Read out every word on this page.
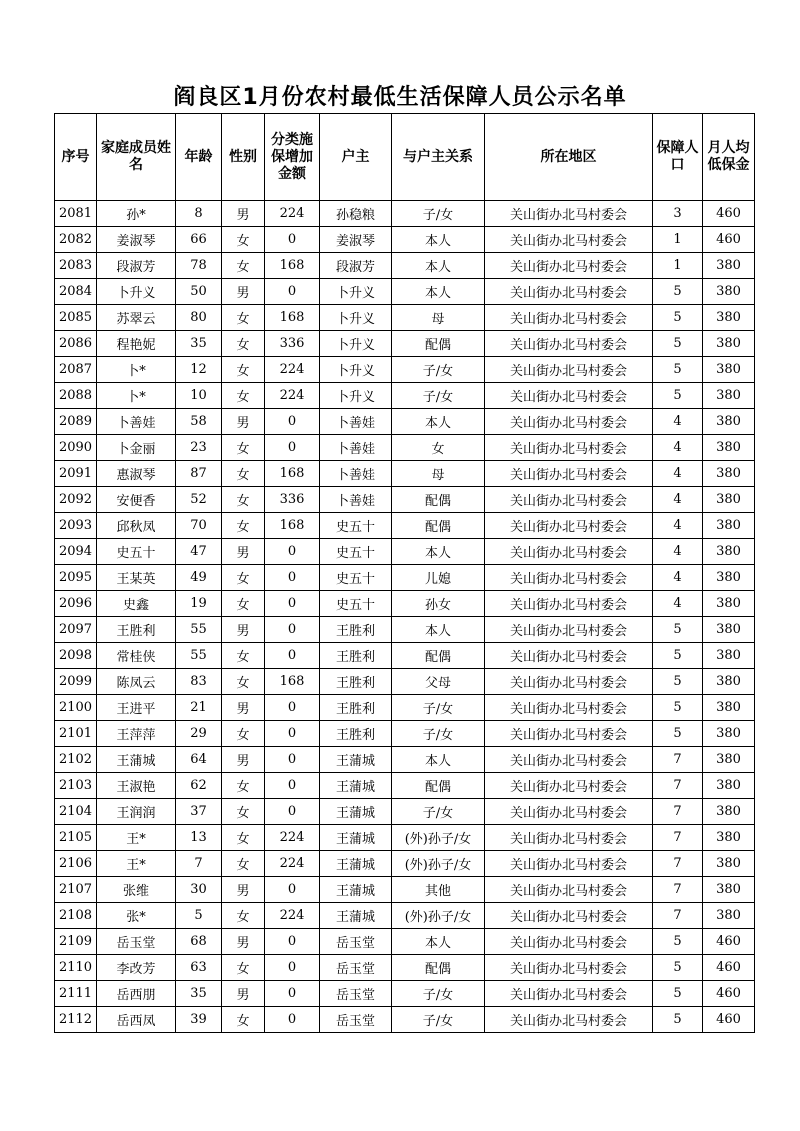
阎良区1月份农村最低生活保障人员公示名单
序号	家庭成员姓名	年龄	性别	分类施保增加金额	户主	与户主关系	所在地区	保障人口	月人均低保金
2081	孙*	8	男	224	孙稳粮	子/女	关山街办北马村委会	3	460
2082	姜淑琴	66	女	0	姜淑琴	本人	关山街办北马村委会	1	460
2083	段淑芳	78	女	168	段淑芳	本人	关山街办北马村委会	1	380
2084	卜升义	50	男	0	卜升义	本人	关山街办北马村委会	5	380
2085	苏翠云	80	女	168	卜升义	母	关山街办北马村委会	5	380
2086	程艳妮	35	女	336	卜升义	配偶	关山街办北马村委会	5	380
2087	卜*	12	女	224	卜升义	子/女	关山街办北马村委会	5	380
2088	卜*	10	女	224	卜升义	子/女	关山街办北马村委会	5	380
2089	卜善娃	58	男	0	卜善娃	本人	关山街办北马村委会	4	380
2090	卜金丽	23	女	0	卜善娃	女	关山街办北马村委会	4	380
2091	惠淑琴	87	女	168	卜善娃	母	关山街办北马村委会	4	380
2092	安便香	52	女	336	卜善娃	配偶	关山街办北马村委会	4	380
2093	邱秋凤	70	女	168	史五十	配偶	关山街办北马村委会	4	380
2094	史五十	47	男	0	史五十	本人	关山街办北马村委会	4	380
2095	王某英	49	女	0	史五十	儿媳	关山街办北马村委会	4	380
2096	史鑫	19	女	0	史五十	孙女	关山街办北马村委会	4	380
2097	王胜利	55	男	0	王胜利	本人	关山街办北马村委会	5	380
2098	常桂侠	55	女	0	王胜利	配偶	关山街办北马村委会	5	380
2099	陈凤云	83	女	168	王胜利	父母	关山街办北马村委会	5	380
2100	王进平	21	男	0	王胜利	子/女	关山街办北马村委会	5	380
2101	王萍萍	29	女	0	王胜利	子/女	关山街办北马村委会	5	380
2102	王蒲城	64	男	0	王蒲城	本人	关山街办北马村委会	7	380
2103	王淑艳	62	女	0	王蒲城	配偶	关山街办北马村委会	7	380
2104	王润润	37	女	0	王蒲城	子/女	关山街办北马村委会	7	380
2105	王*	13	女	224	王蒲城	(外)孙子/女	关山街办北马村委会	7	380
2106	王*	7	女	224	王蒲城	(外)孙子/女	关山街办北马村委会	7	380
2107	张维	30	男	0	王蒲城	其他	关山街办北马村委会	7	380
2108	张*	5	女	224	王蒲城	(外)孙子/女	关山街办北马村委会	7	380
2109	岳玉堂	68	男	0	岳玉堂	本人	关山街办北马村委会	5	460
2110	李改芳	63	女	0	岳玉堂	配偶	关山街办北马村委会	5	460
2111	岳西朋	35	男	0	岳玉堂	子/女	关山街办北马村委会	5	460
2112	岳西凤	39	女	0	岳玉堂	子/女	关山街办北马村委会	5	460
